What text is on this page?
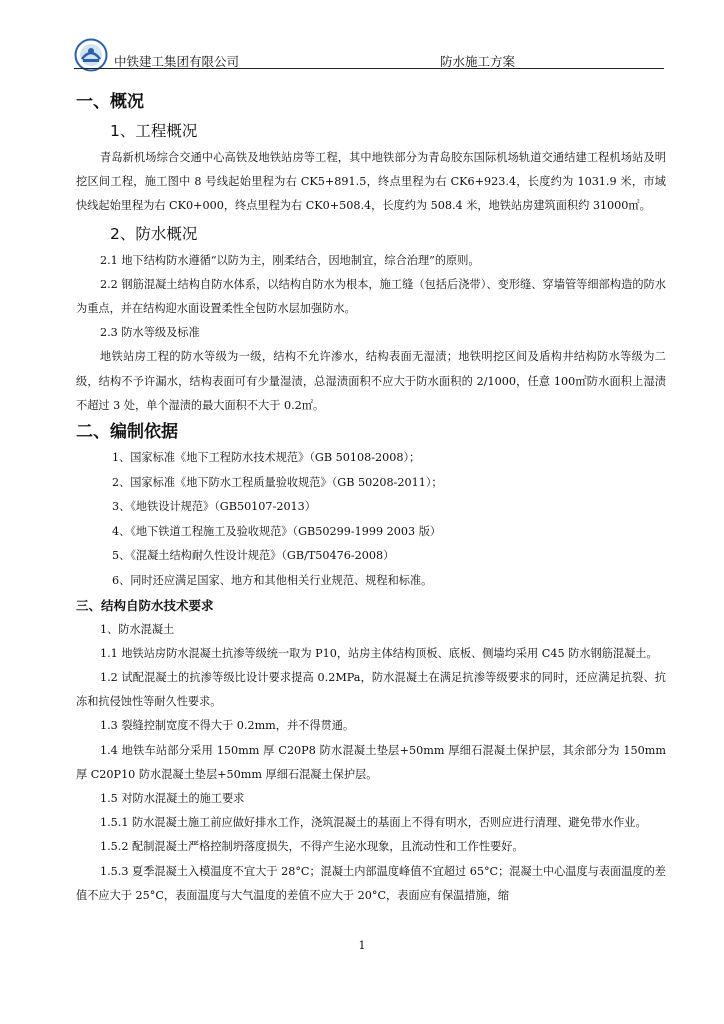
中铁建工集团有限公司	防水施工方案
一、概况
1、工程概况

青岛新机场综合交通中心高铁及地铁站房等工程，其中地铁部分为青岛胶东国际机场轨道交通结建工程机场站及明挖区间工程，施工图中 8 号线起始里程为右 CK5+891.5，终点里程为右 CK6+923.4，长度约为 1031.9 米，市域快线起始里程为右 CK0+000，终点里程为右 CK0+508.4，长度约为 508.4 米，地铁站房建筑面积约 31000㎡。

2、防水概况

2.1 地下结构防水遵循“以防为主，刚柔结合，因地制宜，综合治理”的原则。

2.2 钢筋混凝土结构自防水体系，以结构自防水为根本，施工缝（包括后浇带）、变形缝、穿墙管等细部构造的防水为重点，并在结构迎水面设置柔性全包防水层加强防水。

2.3 防水等级及标准

地铁站房工程的防水等级为一级，结构不允许渗水，结构表面无湿渍；地铁明挖区间及盾构井结构防水等级为二级，结构不予许漏水，结构表面可有少量湿渍，总湿渍面积不应大于防水面积的 2/1000，任意 100㎡防水面积上湿渍不超过 3 处，单个湿渍的最大面积不大于 0.2㎡。

二、编制依据

1、国家标准《地下工程防水技术规范》（GB 50108-2008）；

2、国家标准《地下防水工程质量验收规范》（GB 50208-2011）；

3、《地铁设计规范》（GB50107-2013）

4、《地下铁道工程施工及验收规范》（GB50299-1999 2003 版）

5、《混凝土结构耐久性设计规范》（GB/T50476-2008）

6、同时还应满足国家、地方和其他相关行业规范、规程和标准。

三、结构自防水技术要求

1、防水混凝土

1.1 地铁站房防水混凝土抗渗等级统一取为 P10，站房主体结构顶板、底板、侧墙均采用 C45 防水钢筋混凝土。

1.2 试配混凝土的抗渗等级比设计要求提高 0.2MPa，防水混凝土在满足抗渗等级要求的同时，还应满足抗裂、抗冻和抗侵蚀性等耐久性要求。

1.3 裂缝控制宽度不得大于 0.2mm，并不得贯通。

1.4 地铁车站部分采用 150mm 厚 C20P8 防水混凝土垫层+50mm 厚细石混凝土保护层，其余部分为 150mm 厚 C20P10 防水混凝土垫层+50mm 厚细石混凝土保护层。

1.5 对防水混凝土的施工要求

1.5.1 防水混凝土施工前应做好排水工作，浇筑混凝土的基面上不得有明水，否则应进行清理、避免带水作业。

1.5.2 配制混凝土严格控制坍落度损失，不得产生泌水现象，且流动性和工作性要好。

1.5.3 夏季混凝土入模温度不宜大于 28°C；混凝土内部温度峰值不宜超过 65°C；混凝土中心温度与表面温度的差值不应大于 25°C，表面温度与大气温度的差值不应大于 20°C，表面应有保温措施，缩

1
